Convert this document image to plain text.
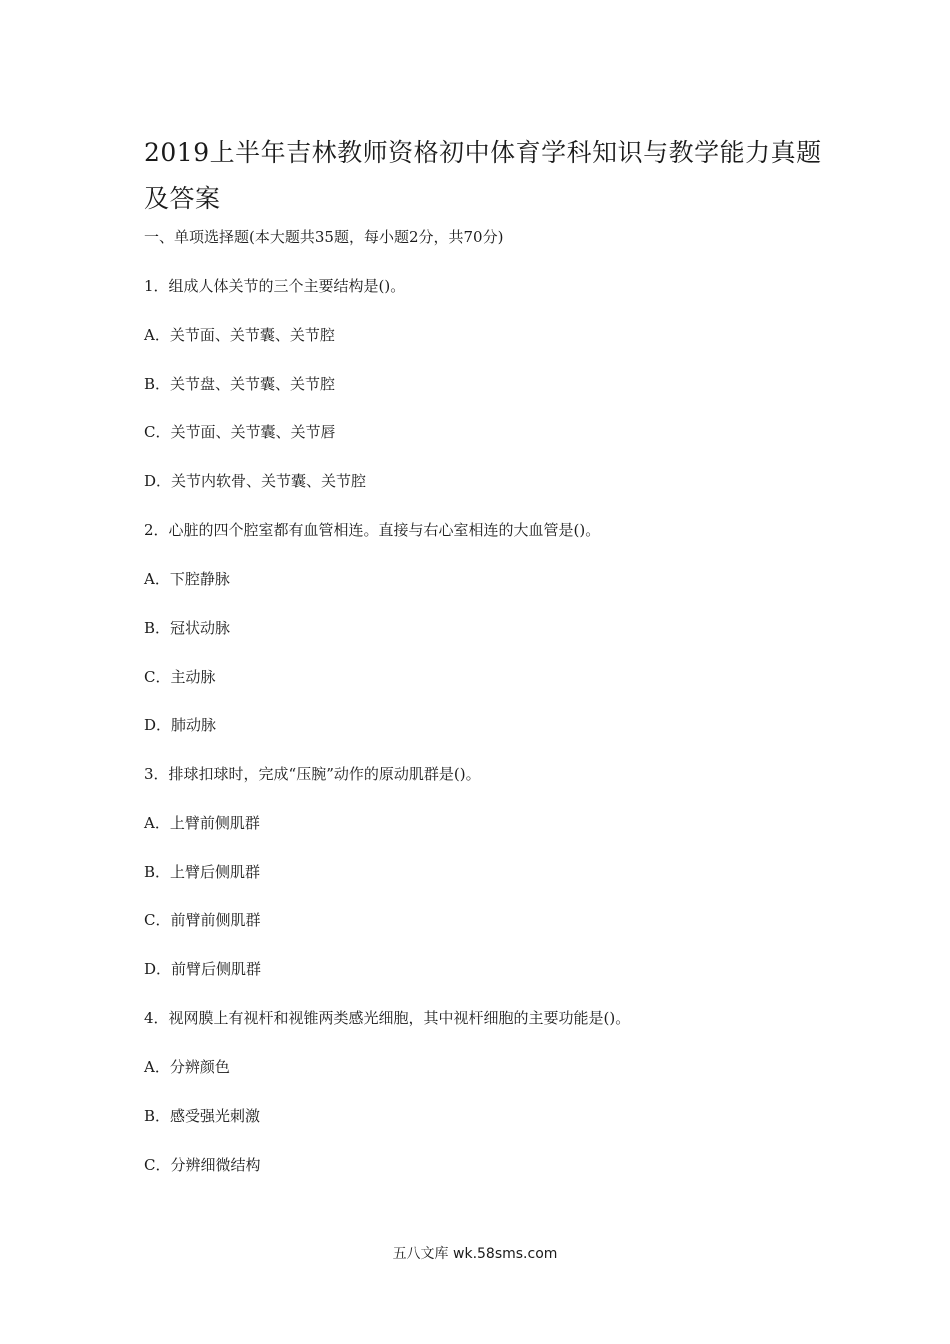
2019上半年吉林教师资格初中体育学科知识与教学能力真题及答案

一、单项选择题(本大题共35题，每小题2分，共70分)

1．组成人体关节的三个主要结构是()。

A．关节面、关节囊、关节腔

B．关节盘、关节囊、关节腔

C．关节面、关节囊、关节唇

D．关节内软骨、关节囊、关节腔

2．心脏的四个腔室都有血管相连。直接与右心室相连的大血管是()。

A．下腔静脉

B．冠状动脉

C．主动脉

D．肺动脉

3．排球扣球时，完成“压腕”动作的原动肌群是()。

A．上臂前侧肌群

B．上臂后侧肌群

C．前臂前侧肌群

D．前臂后侧肌群

4．视网膜上有视杆和视锥两类感光细胞，其中视杆细胞的主要功能是()。

A．分辨颜色

B．感受强光刺激

C．分辨细微结构

五八文库 wk.58sms.com
